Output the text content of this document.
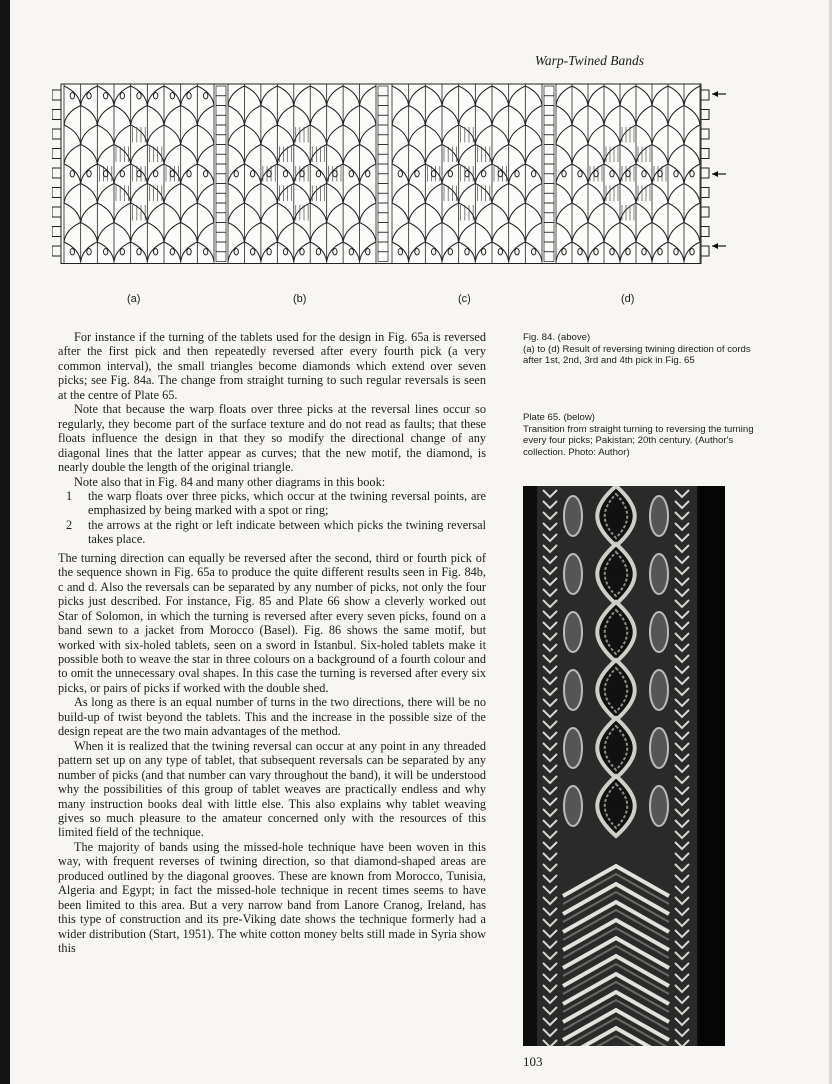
Warp-Twined Bands
(a)	(b)	(c)	(d)

For instance if the turning of the tablets used for the design in Fig. 65a is reversed after the first pick and then repeatedly reversed after every fourth pick (a very common interval), the small triangles become diamonds which extend over seven picks; see Fig. 84a. The change from straight turning to such regular reversals is seen at the centre of Plate 65.

Note that because the warp floats over three picks at the reversal lines occur so regularly, they become part of the surface texture and do not read as faults; that these floats influence the design in that they so modify the directional change of any diagonal lines that the latter appear as curves; that the new motif, the diamond, is nearly double the length of the original triangle.

Note also that in Fig. 84 and many other diagrams in this book:

1 the warp floats over three picks, which occur at the twining reversal points, are emphasized by being marked with a spot or ring;
2 the arrows at the right or left indicate between which picks the twining reversal takes place.

The turning direction can equally be reversed after the second, third or fourth pick of the sequence shown in Fig. 65a to produce the quite different results seen in Fig. 84b, c and d. Also the reversals can be separated by any number of picks, not only the four picks just described. For instance, Fig. 85 and Plate 66 show a cleverly worked out Star of Solomon, in which the turning is reversed after every seven picks, found on a band sewn to a jacket from Morocco (Basel). Fig. 86 shows the same motif, but worked with six-holed tablets, seen on a sword in Istanbul. Six-holed tablets make it possible both to weave the star in three colours on a background of a fourth colour and to omit the unnecessary oval shapes. In this case the turning is reversed after every six picks, or pairs of picks if worked with the double shed.

As long as there is an equal number of turns in the two directions, there will be no build-up of twist beyond the tablets. This and the increase in the possible size of the design repeat are the two main advantages of the method.

When it is realized that the twining reversal can occur at any point in any threaded pattern set up on any type of tablet, that subsequent reversals can be separated by any number of picks (and that number can vary throughout the band), it will be understood why the possibilities of this group of tablet weaves are practically endless and why many instruction books deal with little else. This also explains why tablet weaving gives so much pleasure to the amateur concerned only with the resources of this limited field of the technique.

The majority of bands using the missed-hole technique have been woven in this way, with frequent reverses of twining direction, so that diamond-shaped areas are produced outlined by the diagonal grooves. These are known from Morocco, Tunisia, Algeria and Egypt; in fact the missed-hole technique in recent times seems to have been limited to this area. But a very narrow band from Lanore Cranog, Ireland, has this type of construction and its pre-Viking date shows the technique formerly had a wider distribution (Start, 1951). The white cotton money belts still made in Syria show this

Fig. 84. (above)
(a) to (d) Result of reversing twining direction of cords after 1st, 2nd, 3rd and 4th pick in Fig. 65
Plate 65. (below)
Transition from straight turning to reversing the turning every four picks; Pakistan; 20th century. (Author's collection. Photo: Author)
103
